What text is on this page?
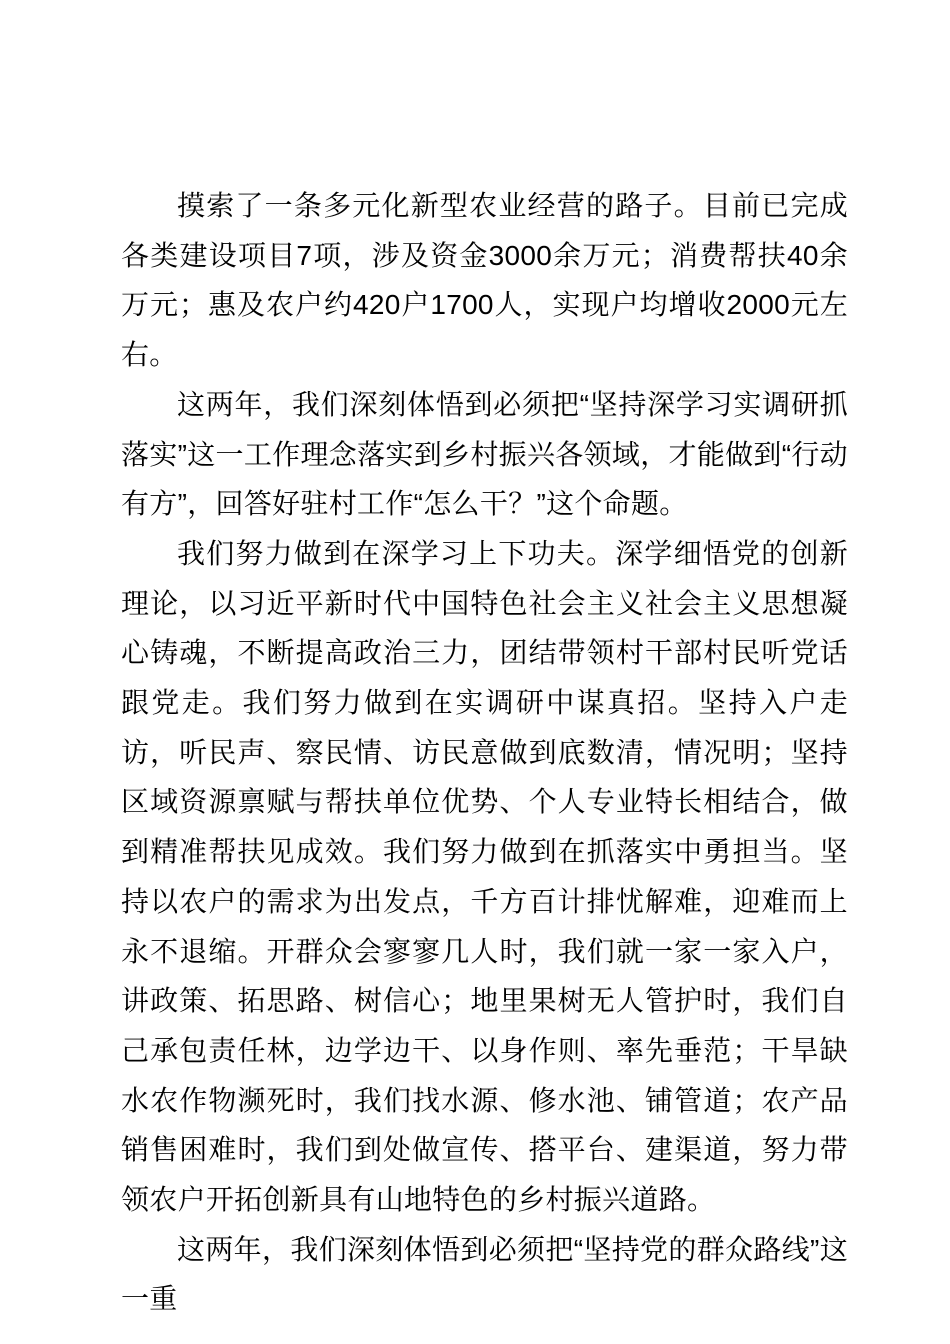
摸索了一条多元化新型农业经营的路子。目前已完成各类建设项目7项，涉及资金3000余万元；消费帮扶40余万元；惠及农户约420户1700人，实现户均增收2000元左右。

这两年，我们深刻体悟到必须把“坚持深学习实调研抓落实”这一工作理念落实到乡村振兴各领域，才能做到“行动有方”，回答好驻村工作“怎么干？”这个命题。

我们努力做到在深学习上下功夫。深学细悟党的创新理论，以习近平新时代中国特色社会主义社会主义思想凝心铸魂，不断提高政治三力，团结带领村干部村民听党话跟党走。我们努力做到在实调研中谋真招。坚持入户走访，听民声、察民情、访民意做到底数清，情况明；坚持区域资源禀赋与帮扶单位优势、个人专业特长相结合，做到精准帮扶见成效。我们努力做到在抓落实中勇担当。坚持以农户的需求为出发点，千方百计排忧解难，迎难而上永不退缩。开群众会寥寥几人时，我们就一家一家入户，讲政策、拓思路、树信心；地里果树无人管护时，我们自己承包责任林，边学边干、以身作则、率先垂范；干旱缺水农作物濒死时，我们找水源、修水池、铺管道；农产品销售困难时，我们到处做宣传、搭平台、建渠道，努力带领农户开拓创新具有山地特色的乡村振兴道路。

这两年，我们深刻体悟到必须把“坚持党的群众路线”这一重
